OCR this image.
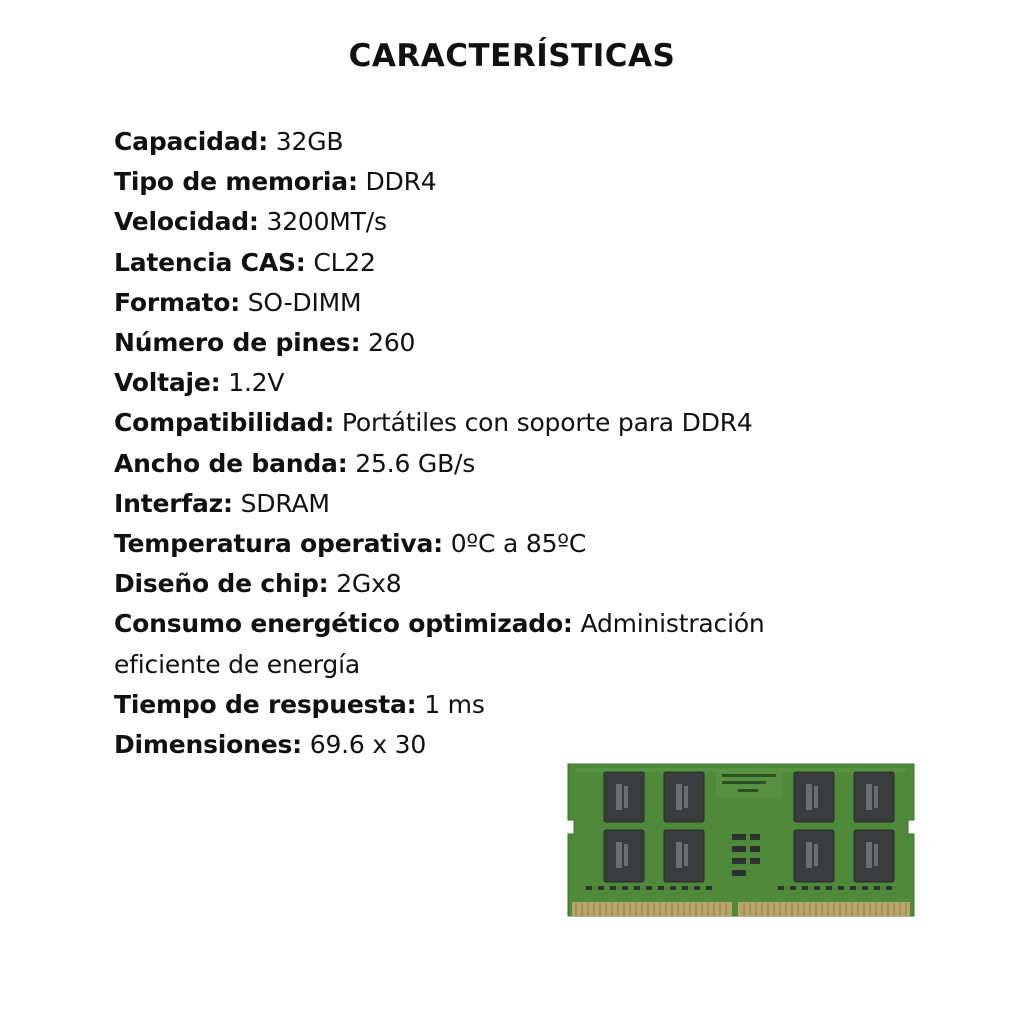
CARACTERÍSTICAS
Capacidad: 32GB
Tipo de memoria: DDR4
Velocidad: 3200MT/s
Latencia CAS: CL22
Formato: SO-DIMM
Número de pines: 260
Voltaje: 1.2V
Compatibilidad: Portátiles con soporte para DDR4
Ancho de banda: 25.6 GB/s
Interfaz: SDRAM
Temperatura operativa: 0ºC a 85ºC
Diseño de chip: 2Gx8
Consumo energético optimizado: Administración eficiente de energía
Tiempo de respuesta: 1 ms
Dimensiones: 69.6 x 30
